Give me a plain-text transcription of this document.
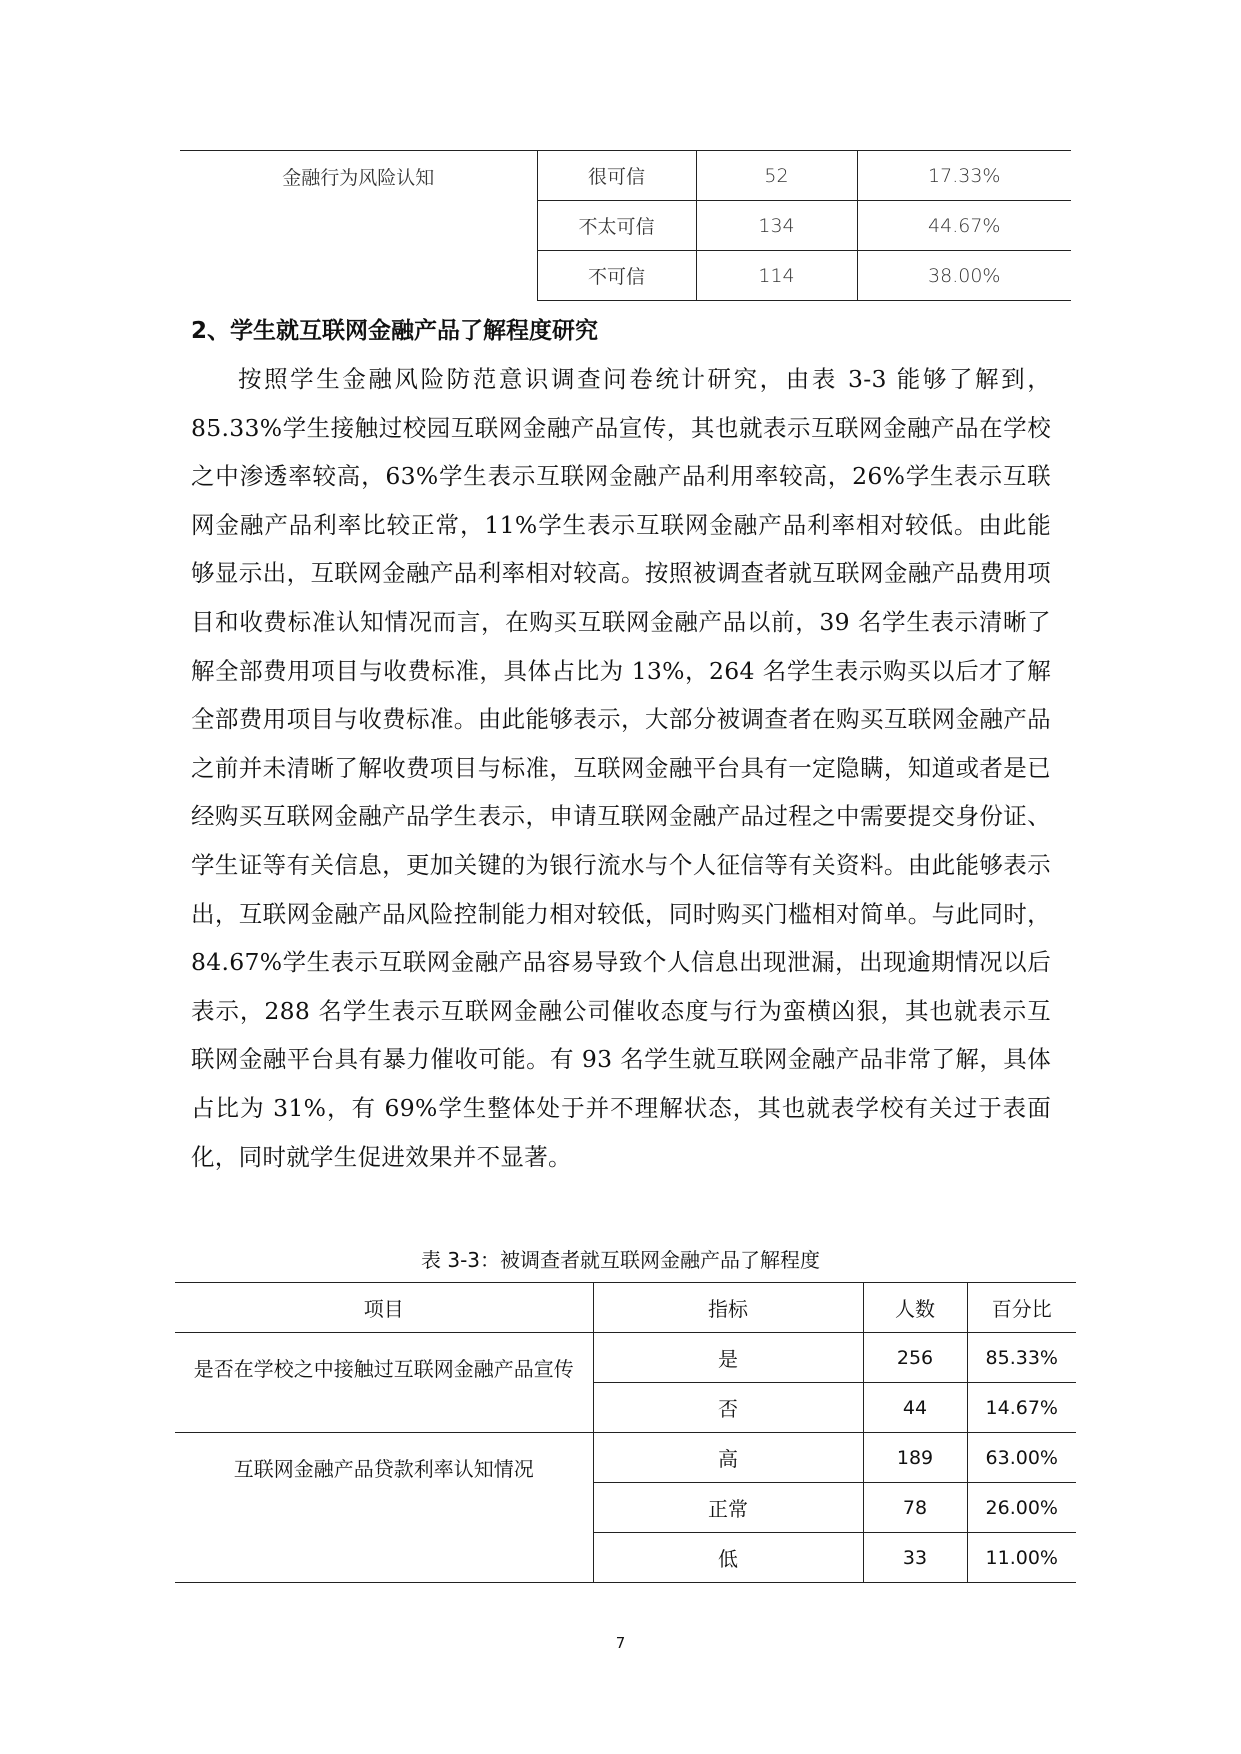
金融行为风险认知	很可信	52	17.33%
	不太可信	134	44.67%
	不可信	114	38.00%
2、学生就互联网金融产品了解程度研究

按照学生金融风险防范意识调查问卷统计研究，由表 3-3 能够了解到，85.33%学生接触过校园互联网金融产品宣传，其也就表示互联网金融产品在学校之中渗透率较高，63%学生表示互联网金融产品利用率较高，26%学生表示互联网金融产品利率比较正常，11%学生表示互联网金融产品利率相对较低。由此能够显示出，互联网金融产品利率相对较高。按照被调查者就互联网金融产品费用项目和收费标准认知情况而言，在购买互联网金融产品以前，39 名学生表示清晰了解全部费用项目与收费标准，具体占比为 13%，264 名学生表示购买以后才了解全部费用项目与收费标准。由此能够表示，大部分被调查者在购买互联网金融产品之前并未清晰了解收费项目与标准，互联网金融平台具有一定隐瞒，知道或者是已经购买互联网金融产品学生表示，申请互联网金融产品过程之中需要提交身份证、学生证等有关信息，更加关键的为银行流水与个人征信等有关资料。由此能够表示出，互联网金融产品风险控制能力相对较低，同时购买门槛相对简单。与此同时，84.67%学生表示互联网金融产品容易导致个人信息出现泄漏，出现逾期情况以后表示，288 名学生表示互联网金融公司催收态度与行为蛮横凶狠，其也就表示互联网金融平台具有暴力催收可能。有 93 名学生就互联网金融产品非常了解，具体占比为 31%，有 69%学生整体处于并不理解状态，其也就表学校有关过于表面化，同时就学生促进效果并不显著。

表 3-3：被调查者就互联网金融产品了解程度
项目	指标	人数	百分比
是否在学校之中接触过互联网金融产品宣传	是	256	85.33%
	否	44	14.67%
互联网金融产品贷款利率认知情况	高	189	63.00%
	正常	78	26.00%
	低	33	11.00%
7
